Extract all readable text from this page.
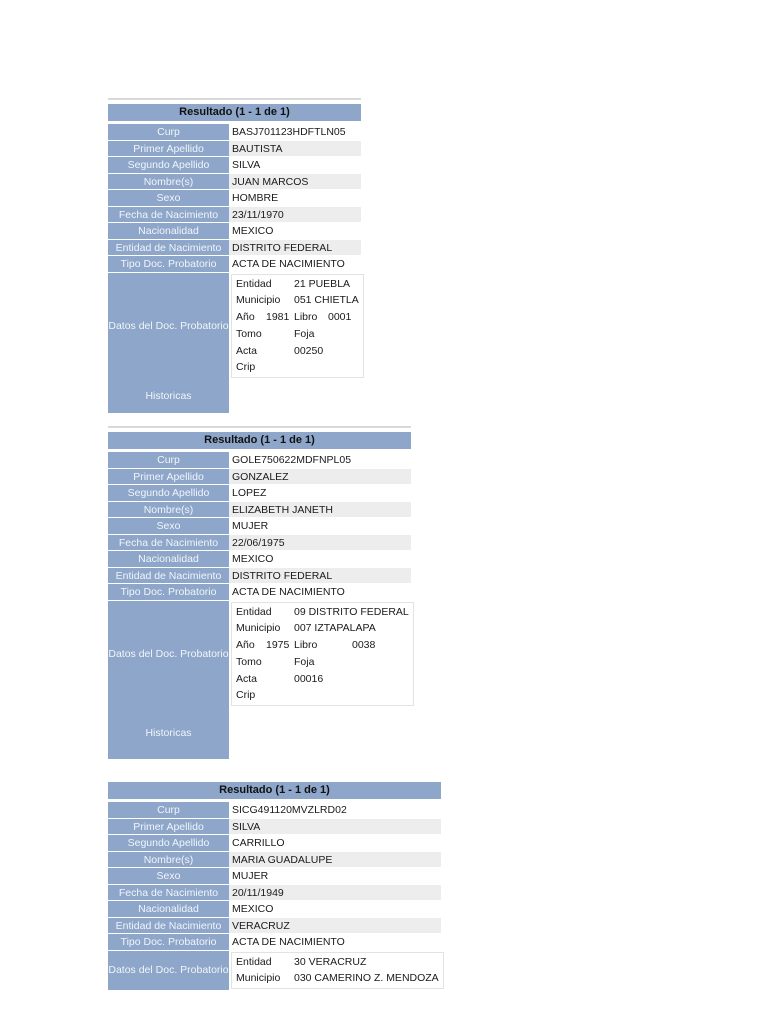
Resultado (1 - 1 de 1)
Curp	BASJ701123HDFTLN05
Primer Apellido	BAUTISTA
Segundo Apellido	SILVA
Nombre(s)	JUAN MARCOS
Sexo	HOMBRE
Fecha de Nacimiento	23/11/1970
Nacionalidad	MEXICO
Entidad de Nacimiento	DISTRITO FEDERAL
Tipo Doc. Probatorio	ACTA DE NACIMIENTO
Datos del Doc. Probatorio
Entidad 21 PUEBLA
Municipio 051 CHIETLA
Año 1981 Libro 0001
Tomo	Foja
Acta	00250
Crip
Historicas
Resultado (1 - 1 de 1)
Curp	GOLE750622MDFNPL05
Primer Apellido	GONZALEZ
Segundo Apellido	LOPEZ
Nombre(s)	ELIZABETH JANETH
Sexo	MUJER
Fecha de Nacimiento	22/06/1975
Nacionalidad	MEXICO
Entidad de Nacimiento	DISTRITO FEDERAL
Tipo Doc. Probatorio	ACTA DE NACIMIENTO
Datos del Doc. Probatorio
Entidad 09 DISTRITO FEDERAL
Municipio 007 IZTAPALAPA
Año 1975 Libro	0038
Tomo	Foja
Acta	00016
Crip
Historicas
Resultado (1 - 1 de 1)
Curp	SICG491120MVZLRD02
Primer Apellido	SILVA
Segundo Apellido	CARRILLO
Nombre(s)	MARIA GUADALUPE
Sexo	MUJER
Fecha de Nacimiento	20/11/1949
Nacionalidad	MEXICO
Entidad de Nacimiento	VERACRUZ
Tipo Doc. Probatorio	ACTA DE NACIMIENTO
Datos del Doc. Probatorio
Entidad 30 VERACRUZ
Municipio 030 CAMERINO Z. MENDOZA
